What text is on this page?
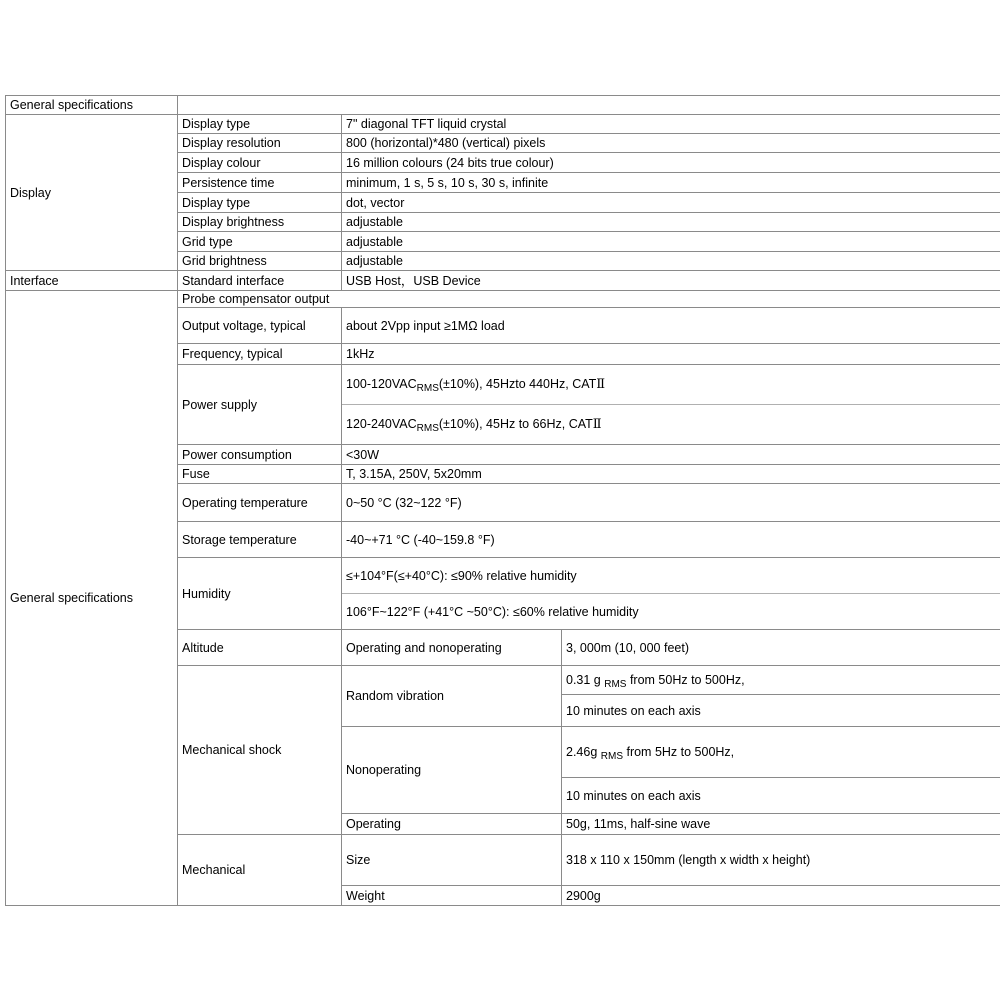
General specifications			
Display	Display type	7" diagonal TFT liquid crystal	
	Display resolution	800 (horizontal)*480 (vertical) pixels	
	Display colour	16 million colours (24 bits true colour)	
	Persistence time	minimum, 1 s, 5 s, 10 s, 30 s, infinite	
	Display type	dot, vector	
	Display brightness	adjustable	
	Grid type	adjustable	
	Grid brightness	adjustable	
Interface	Standard interface	USB Host，USB Device	
General specifications	Probe compensator output		
	Output voltage, typical	about 2Vpp input ≥1MΩ load	
	Frequency, typical	1kHz	
	Power supply	$100-120VAC_{RMS}(\pm 10\%)$, 45Hzto 440Hz, CATⅡ	
		$120-240VAC_{RMS}(\pm 10\%)$, 45Hz to 66Hz, CATⅡ	
	Power consumption	<30W	
	Fuse	T, 3.15A, 250V, 5x20mm	
	Operating temperature	0~50 °C (32~122 °F)	
	Storage temperature	-40~+71 °C (-40~159.8 °F)	
	Humidity	≤+104°F(≤+40°C): ≤90% relative humidity	
		106°F~122°F (+41°C ~50°C): ≤60% relative humidity	
	Altitude	Operating and nonoperating	3, 000m (10, 000 feet)
	Mechanical shock	Random vibration	0.31 g $_{RMS}$ from 50Hz to 500Hz,
			10 minutes on each axis
		Nonoperating	2.46g $_{RMS}$ from 5Hz to 500Hz,
			10 minutes on each axis
		Operating	50g, 11ms, half-sine wave
	Mechanical	Size	318 x 110 x 150mm (length x width x height)
		Weight	2900g
